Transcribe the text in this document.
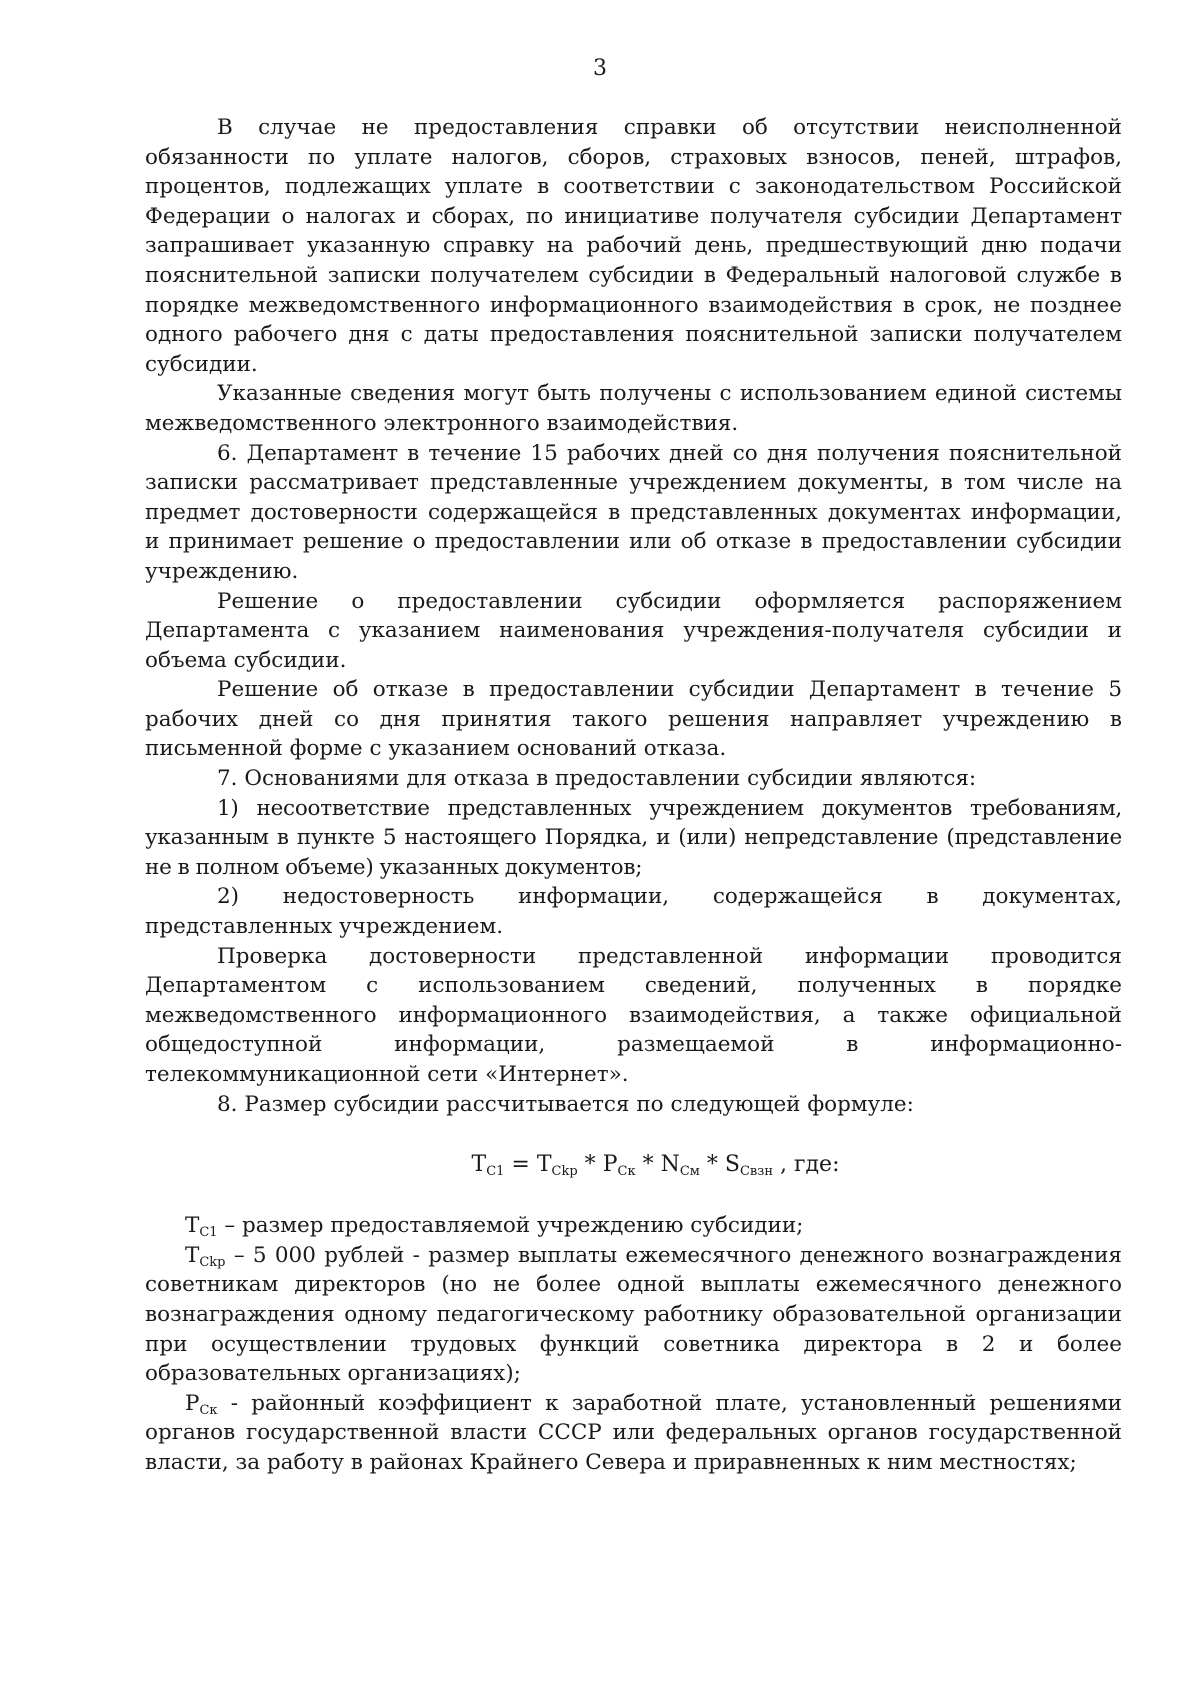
3

В случае не предоставления справки об отсутствии неисполненной обязанности по уплате налогов, сборов, страховых взносов, пеней, штрафов, процентов, подлежащих уплате в соответствии с законодательством Российской Федерации о налогах и сборах, по инициативе получателя субсидии Департамент запрашивает указанную справку на рабочий день, предшествующий дню подачи пояснительной записки получателем субсидии в Федеральный налоговой службе в порядке межведомственного информационного взаимодействия в срок, не позднее одного рабочего дня с даты предоставления пояснительной записки получателем субсидии.

Указанные сведения могут быть получены с использованием единой системы межведомственного электронного взаимодействия.

6. Департамент в течение 15 рабочих дней со дня получения пояснительной записки рассматривает представленные учреждением документы, в том числе на предмет достоверности содержащейся в представленных документах информации, и принимает решение о предоставлении или об отказе в предоставлении субсидии учреждению.

Решение о предоставлении субсидии оформляется распоряжением Департамента с указанием наименования учреждения-получателя субсидии и объема субсидии.

Решение об отказе в предоставлении субсидии Департамент в течение 5 рабочих дней со дня принятия такого решения направляет учреждению в письменной форме с указанием оснований отказа.

7. Основаниями для отказа в предоставлении субсидии являются:

1) несоответствие представленных учреждением документов требованиям, указанным в пункте 5 настоящего Порядка, и (или) непредставление (представление не в полном объеме) указанных документов;

2) недостоверность информации, содержащейся в документах, представленных учреждением.

Проверка достоверности представленной информации проводится Департаментом с использованием сведений, полученных в порядке межведомственного информационного взаимодействия, а также официальной общедоступной информации, размещаемой в информационно-телекоммуникационной сети «Интернет».

8. Размер субсидии рассчитывается по следующей формуле:

$T_{C1} = T_{Ckp} * P_{Cк} * N_{Cм} * S_{Cвзн}$ , где:

$T_{C1}$ – размер предоставляемой учреждению субсидии;

$T_{Ckp} - 5$ 000 рублей - размер выплаты ежемесячного денежного вознаграждения советникам директоров (но не более одной выплаты ежемесячного денежного вознаграждения одному педагогическому работнику образовательной организации при осуществлении трудовых функций советника директора в 2 и более образовательных организациях);

$P_{Cк}$ - районный коэффициент к заработной плате, установленный решениями органов государственной власти СССР или федеральных органов государственной власти, за работу в районах Крайнего Севера и приравненных к ним местностях;
